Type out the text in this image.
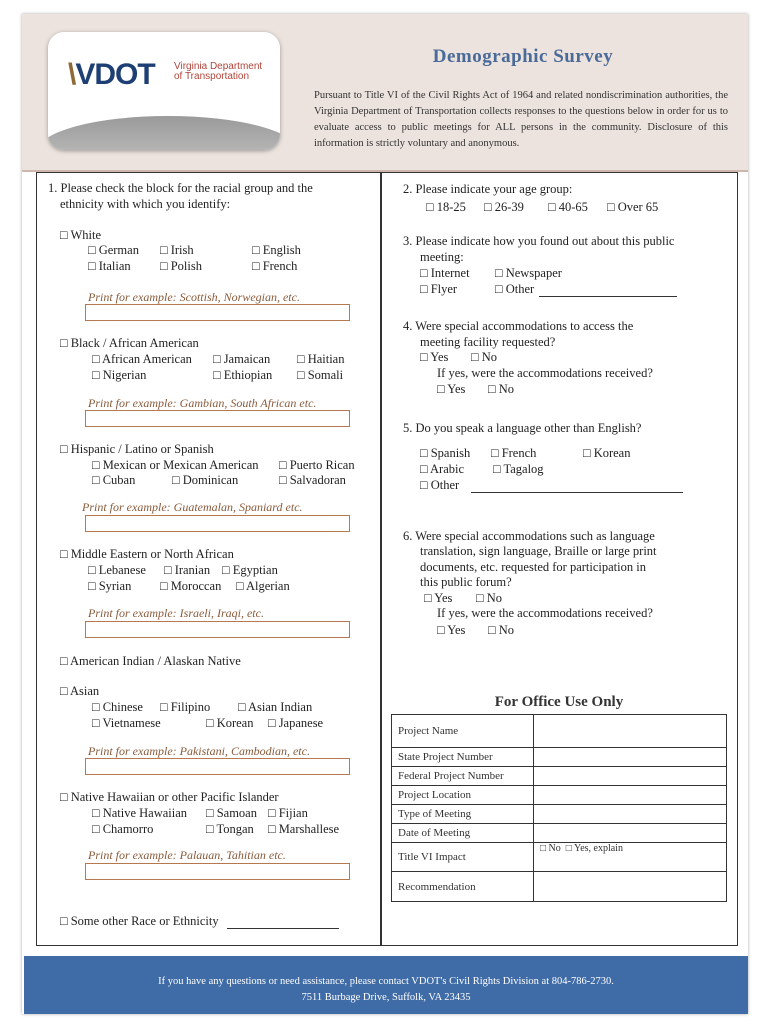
\VDOT Virginia Department
of Transportation
Demographic Survey
Pursuant to Title VI of the Civil Rights Act of 1964 and related nondiscrimination authorities, the Virginia Department of Transportation collects responses to the questions below in order for us to evaluate access to public meetings for ALL persons in the community. Disclosure of this information is strictly voluntary and anonymous.
1. Please check the block for the racial group and the
ethnicity with which you identify:
□ White
□ German □ Irish	□ English
□ Italian □ Polish	□ French
Print for example: Scottish, Norwegian, etc.
□ Black / African American
□ African American □ Jamaican □ Haitian
□ Nigerian	□ Ethiopian □ Somali
Print for example: Gambian, South African etc.
□ Hispanic / Latino or Spanish
□ Mexican or Mexican American □ Puerto Rican
□ Cuban	□ Dominican	□ Salvadoran
Print for example: Guatemalan, Spaniard etc.
□ Middle Eastern or North African
□ Lebanese □ Iranian □ Egyptian
□ Syrian □ Moroccan □ Algerian
Print for example: Israeli, Iraqi, etc.
□ American Indian / Alaskan Native
□ Asian
□ Chinese □ Filipino □ Asian Indian
□ Vietnamese	□ Korean □ Japanese
Print for example: Pakistani, Cambodian, etc.
□ Native Hawaiian or other Pacific Islander
□ Native Hawaiian □ Samoan □ Fijian
□ Chamorro	□ Tongan □ Marshallese
Print for example: Palauan, Tahitian etc.
□ Some other Race or Ethnicity
2. Please indicate your age group:
□ 18-25 □ 26-39 □ 40-65 □ Over 65
3. Please indicate how you found out about this public
meeting:
□ Internet □ Newspaper
□ Flyer	□ Other
4. Were special accommodations to access the
meeting facility requested?
□ Yes □ No
If yes, were the accommodations received?
□ Yes □ No
5. Do you speak a language other than English?
□ Spanish □ French	□ Korean
□ Arabic □ Tagalog
□ Other
6. Were special accommodations such as language
translation, sign language, Braille or large print
documents, etc. requested for participation in
this public forum?
□ Yes □ No
If yes, were the accommodations received?
□ Yes □ No
For Office Use Only
Project Name	
State Project Number	
Federal Project Number	
Project Location	
Type of Meeting	
Date of Meeting	
Title VI Impact	□ No □ Yes, explain
Recommendation	
If you have any questions or need assistance, please contact VDOT's Civil Rights Division at 804-786-2730.
7511 Burbage Drive, Suffolk, VA 23435
